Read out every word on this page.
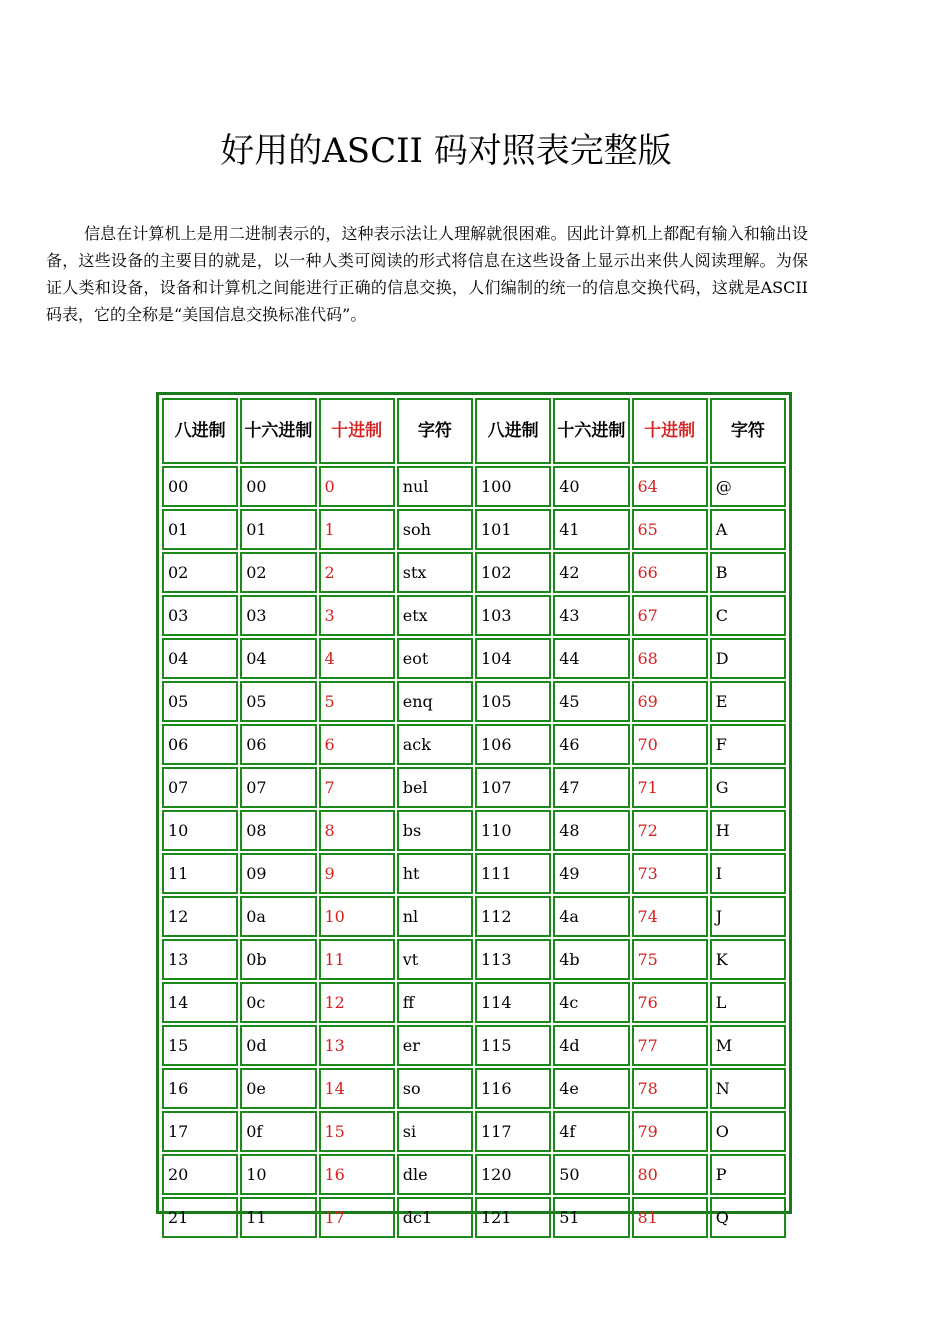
好用的ASCII 码对照表完整版

信息在计算机上是用二进制表示的，这种表示法让人理解就很困难。因此计算机上都配有输入和输出设备，这些设备的主要目的就是，以一种人类可阅读的形式将信息在这些设备上显示出来供人阅读理解。为保证人类和设备，设备和计算机之间能进行正确的信息交换，人们编制的统一的信息交换代码，这就是ASCII码表，它的全称是“美国信息交换标准代码”。

八进制	十六进制	十进制	字符	八进制	十六进制	十进制	字符
00	00	0	nul	100	40	64	@
01	01	1	soh	101	41	65	A
02	02	2	stx	102	42	66	B
03	03	3	etx	103	43	67	C
04	04	4	eot	104	44	68	D
05	05	5	enq	105	45	69	E
06	06	6	ack	106	46	70	F
07	07	7	bel	107	47	71	G
10	08	8	bs	110	48	72	H
11	09	9	ht	111	49	73	I
12	0a	10	nl	112	4a	74	J
13	0b	11	vt	113	4b	75	K
14	0c	12	ff	114	4c	76	L
15	0d	13	er	115	4d	77	M
16	0e	14	so	116	4e	78	N
17	0f	15	si	117	4f	79	O
20	10	16	dle	120	50	80	P
21	11	17	dc1	121	51	81	Q
